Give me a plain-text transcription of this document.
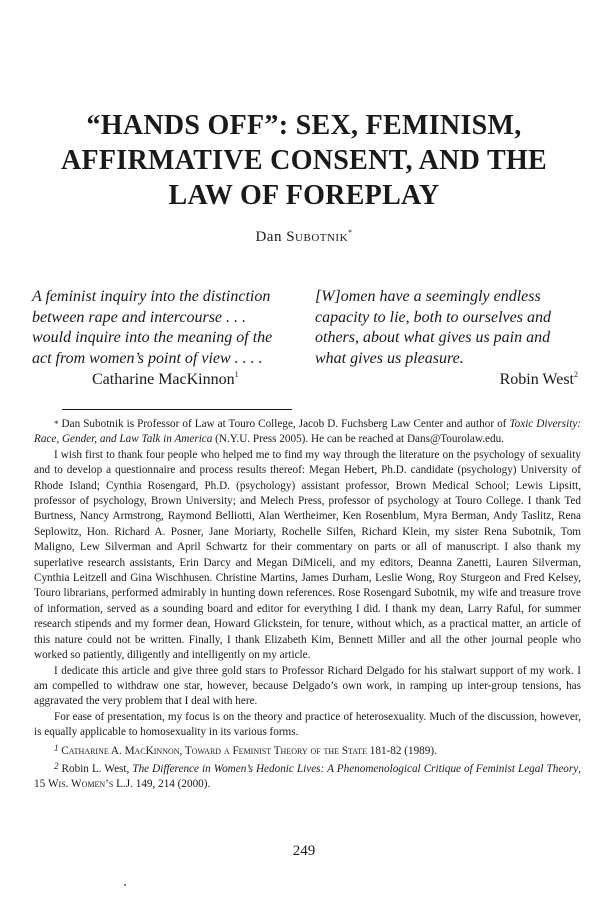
“HANDS OFF”: SEX, FEMINISM,
AFFIRMATIVE CONSENT, AND THE
LAW OF FOREPLAY
Dan Subotnik*
A feminist inquiry into the distinction
between rape and intercourse . . .
would inquire into the meaning of the
act from women’s point of view . . . .
Catharine MacKinnon$^1$
[W]omen have a seemingly endless
capacity to lie, both to ourselves and
others, about what gives us pain and
what gives us pleasure.
Robin West$^2$

* Dan Subotnik is Professor of Law at Touro College, Jacob D. Fuchsberg Law Center and author of Toxic Diversity: Race, Gender, and Law Talk in America (N.Y.U. Press 2005). He can be reached at Dans@Tourolaw.edu.

I wish first to thank four people who helped me to find my way through the literature on the psychology of sexuality and to develop a questionnaire and process results thereof: Megan Hebert, Ph.D. candidate (psychology) University of Rhode Island; Cynthia Rosengard, Ph.D. (psychology) assistant professor, Brown Medical School; Lewis Lipsitt, professor of psychology, Brown University; and Melech Press, professor of psychology at Touro College. I thank Ted Burtness, Nancy Armstrong, Raymond Belliotti, Alan Wertheimer, Ken Rosenblum, Myra Berman, Andy Taslitz, Rena Seplowitz, Hon. Richard A. Posner, Jane Moriarty, Rochelle Silfen, Richard Klein, my sister Rena Subotnik, Tom Maligno, Lew Silverman and April Schwartz for their commentary on parts or all of manuscript. I also thank my superlative research assistants, Erin Darcy and Megan DiMiceli, and my editors, Deanna Zanetti, Lauren Silverman, Cynthia Leitzell and Gina Wischhusen. Christine Martins, James Durham, Leslie Wong, Roy Sturgeon and Fred Kelsey, Touro librarians, performed admirably in hunting down references. Rose Rosengard Subotnik, my wife and treasure trove of information, served as a sounding board and editor for everything I did. I thank my dean, Larry Raful, for summer research stipends and my former dean, Howard Glickstein, for tenure, without which, as a practical matter, an article of this nature could not be written. Finally, I thank Elizabeth Kim, Bennett Miller and all the other journal people who worked so patiently, diligently and intelligently on my article.

I dedicate this article and give three gold stars to Professor Richard Delgado for his stalwart support of my work. I am compelled to withdraw one star, however, because Delgado’s own work, in ramping up inter-group tensions, has aggravated the very problem that I deal with here.

For ease of presentation, my focus is on the theory and practice of heterosexuality. Much of the discussion, however, is equally applicable to homosexuality in its various forms.

$^1$ Catharine A. MacKinnon, Toward a Feminist Theory of the State 181-82 (1989).

$^2$ Robin L. West, The Difference in Women’s Hedonic Lives: A Phenomenological Critique of Feminist Legal Theory, 15 Wis. Women’s L.J. 149, 214 (2000).

249
